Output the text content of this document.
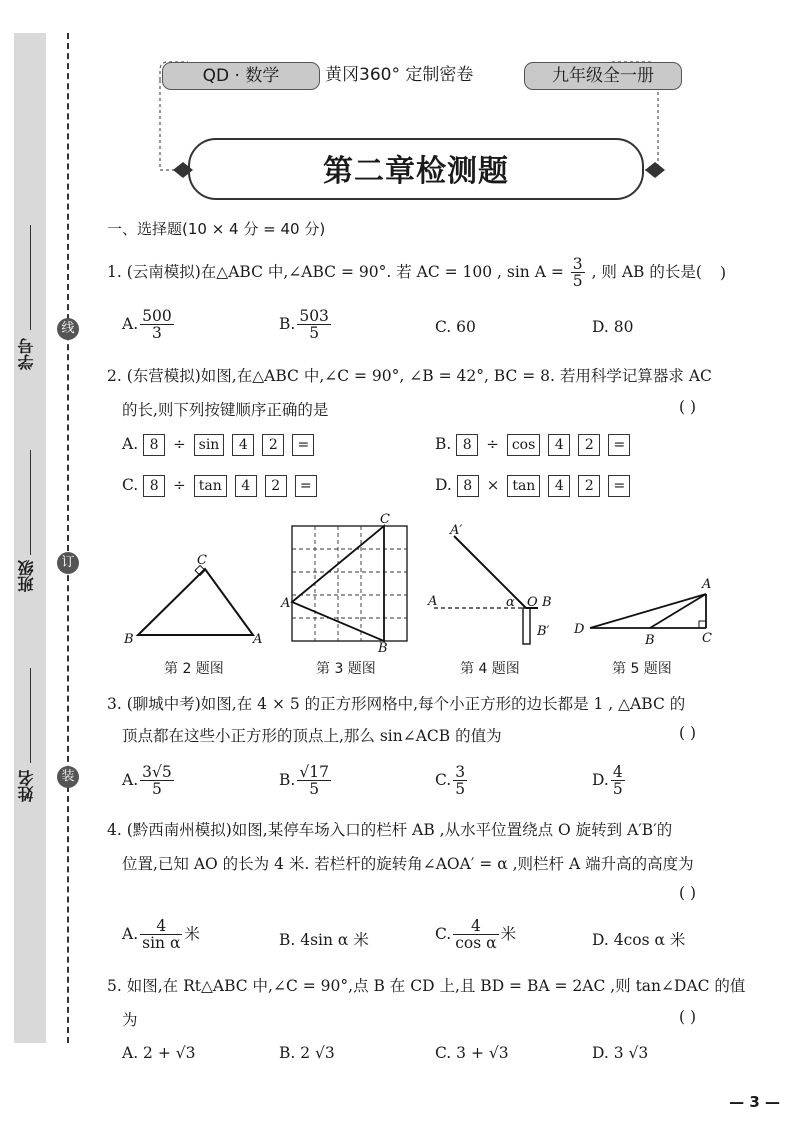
线
订
装
学号
班级
姓名
QD · 数学	黄冈360° 定制密卷	九年级全一册
第二章检测题
一、选择题(10 × 4 分 = 40 分)
1. (云南模拟)在△ABC 中,∠ABC = 90°. 若 AC = 100 , $\sin A = \frac{3}{5}$ , 则 AB 的长是( )
A. $\frac{500}{3}$	B. $\frac{503}{5}$	C. 60	D. 80
2. (东营模拟)如图,在△ABC 中,∠C = 90°, ∠B = 42°, BC = 8. 若用科学记算器求 AC
的长,则下列按键顺序正确的是	( )
A. 8 ÷ sin 4 2 =	B. 8 ÷ cos 4 2 =
C. 8 ÷ tan 4 2 =	D. 8 × tan 4 2 =
C
B	A
第 2 题图
C
A
B
第 3 题图
A′
A	α O B
B′
第 4 题图
A
D
B	C
第 5 题图
3. (聊城中考)如图,在 4 × 5 的正方形网格中,每个小正方形的边长都是 1 , △ABC 的
顶点都在这些小正方形的顶点上,那么 sin∠ACB 的值为	( )
A. $\frac{3√5}{5}$	B. $\frac{√17}{5}$	C. $\frac{3}{5}$	D. $\frac{4}{5}$
4. (黔西南州模拟)如图,某停车场入口的栏杆 AB ,从水平位置绕点 O 旋转到 A′B′的
位置,已知 AO 的长为 4 米. 若栏杆的旋转角∠AOA′ = α ,则栏杆 A 端升高的高度为
( )
A. $\frac{4}{\text{sin α}}$ 米	B. 4sin α 米	C. $\frac{4}{\text{cos α}}$ 米	D. 4cos α 米
5. 如图,在 Rt△ABC 中,∠C = 90°,点 B 在 CD 上,且 BD = BA = 2AC ,则 tan∠DAC 的值
为	( )
A. 2 + √3	B. 2 √3	C. 3 + √3	D. 3 √3
— 3 —
